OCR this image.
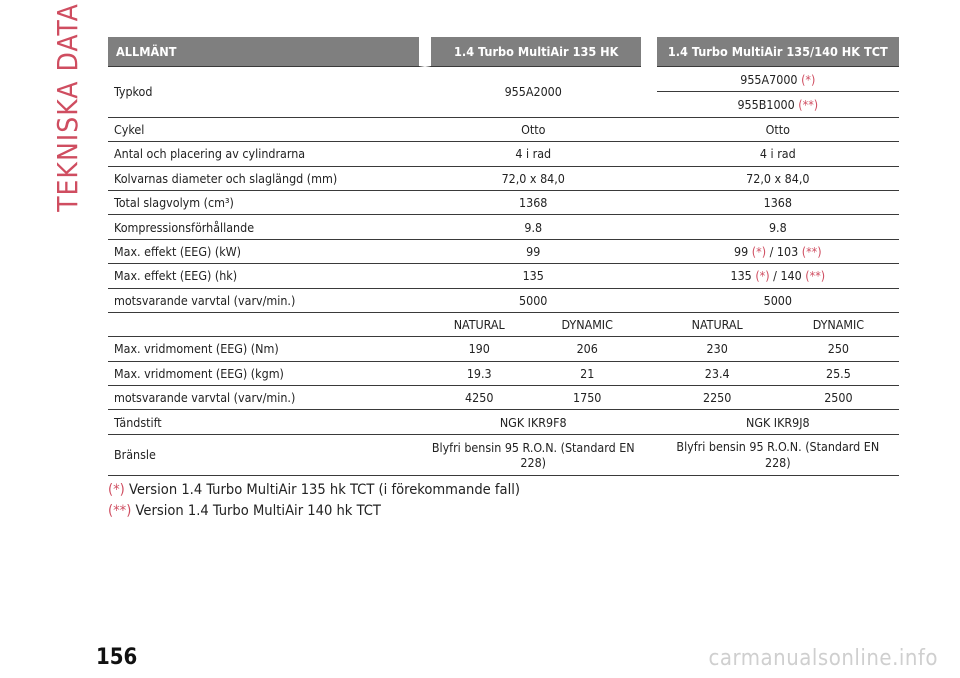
TEKNISKA DATA	ALLMÄNT	1.4 Turbo MultiAir 135 HK			1.4 Turbo MultiAir 135/140 HK TCT	
Typkod	955A2000			955A7000 (*)	
				955B1000 (**)	
Cykel	Otto			Otto	
Antal och placering av cylindrarna	4 i rad			4 i rad	
Kolvarnas diameter och slaglängd (mm)	72,0 x 84,0			72,0 x 84,0	
Total slagvolym (cm³)	1368			1368	
Kompressionsförhållande	9.8			9.8	
Max. effekt (EEG) (kW)	99			99 (*) / 103 (**)	
Max. effekt (EEG) (hk)	135			135 (*) / 140 (**)	
motsvarande varvtal (varv/min.)	5000			5000	
	NATURAL	DYNAMIC		NATURAL	DYNAMIC
Max. vridmoment (EEG) (Nm)	190	206		230	250
Max. vridmoment (EEG) (kgm)	19.3	21		23.4	25.5
motsvarande varvtal (varv/min.)	4250	1750		2250	2500
Tändstift	NGK IKR9F8			NGK IKR9J8	
Bränsle	Blyfri bensin 95 R.O.N. (Standard EN 228)			Blyfri bensin 95 R.O.N. (Standard EN 228)	
(*) Version 1.4 Turbo MultiAir 135 hk TCT (i förekommande fall)
(**) Version 1.4 Turbo MultiAir 140 hk TCT
156	carmanualsonline.info
